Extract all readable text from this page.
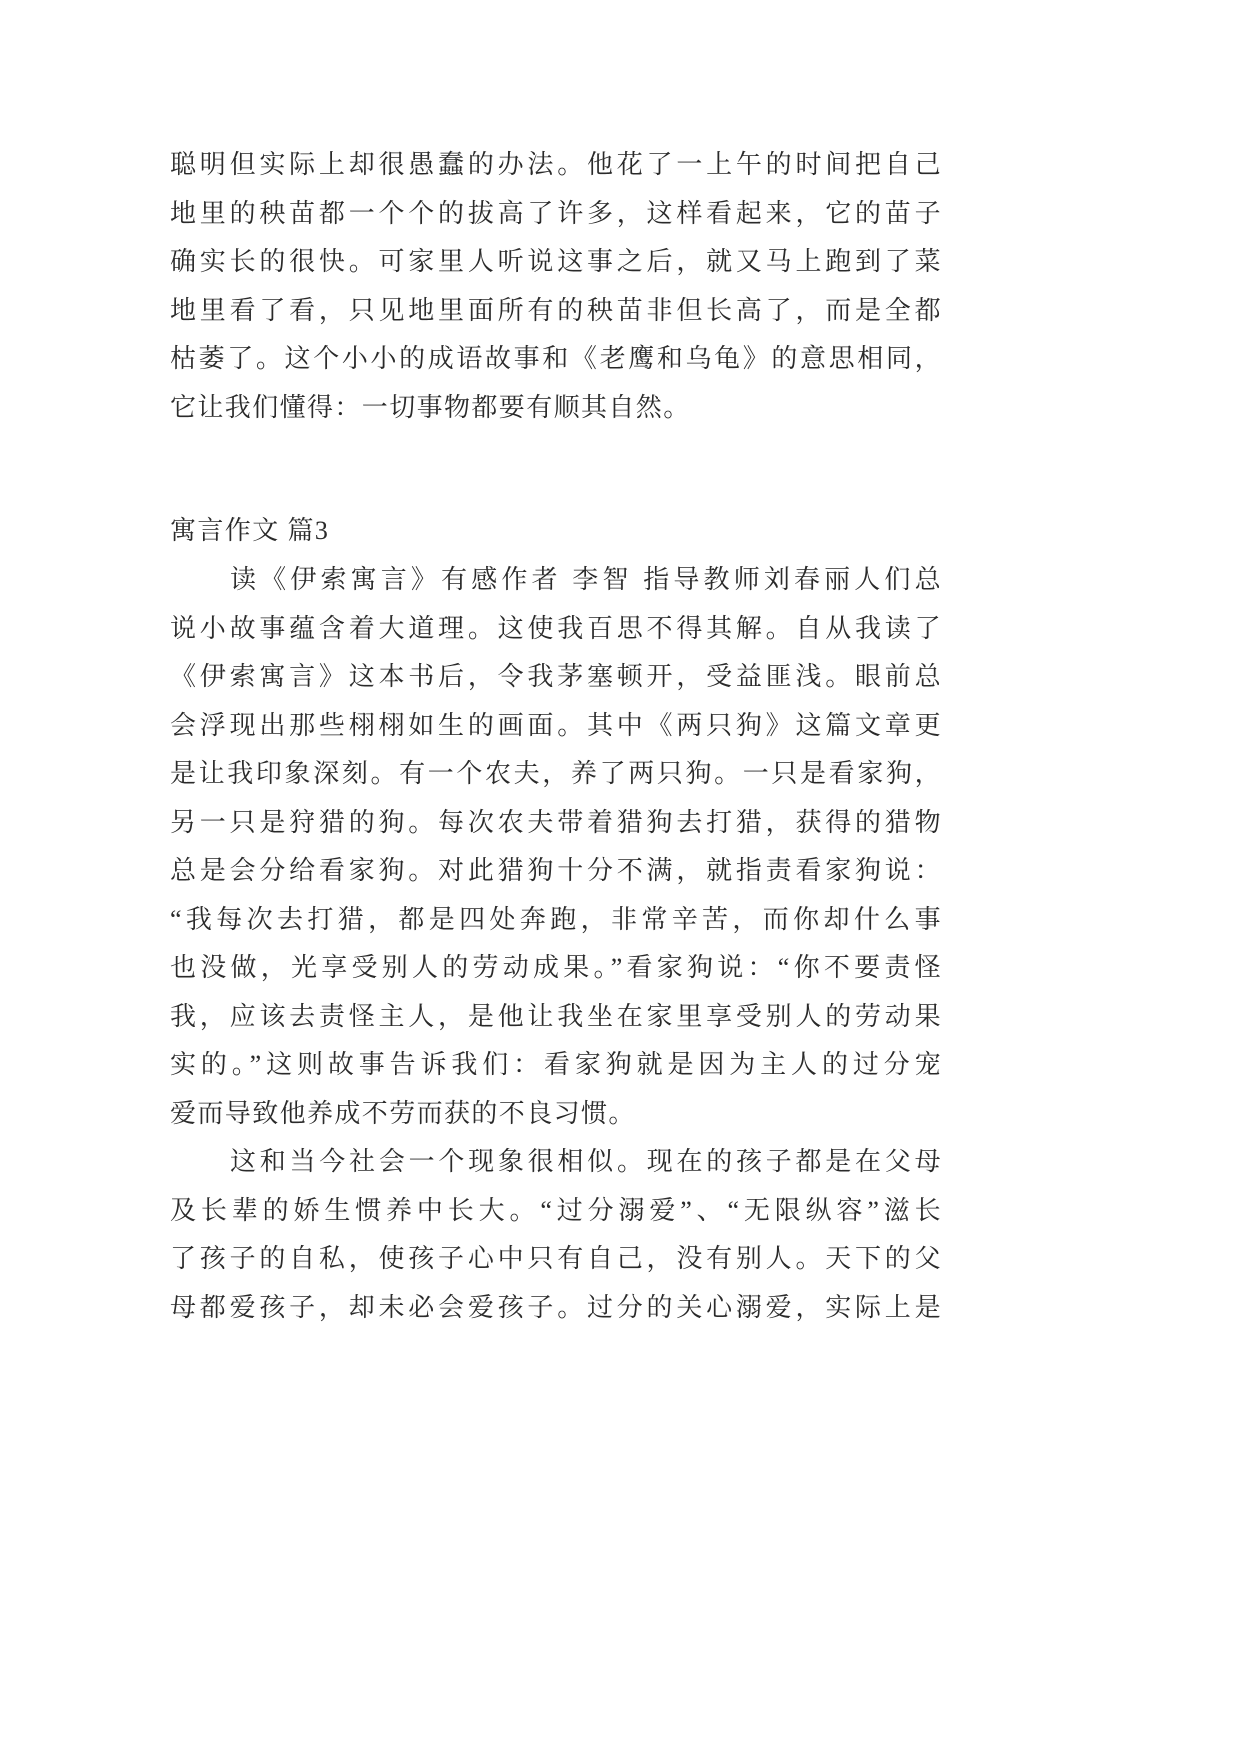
聪明但实际上却很愚蠢的办法。他花了一上午的时间把自己
地里的秧苗都一个个的拔高了许多，这样看起来，它的苗子
确实长的很快。可家里人听说这事之后，就又马上跑到了菜
地里看了看，只见地里面所有的秧苗非但长高了，而是全都
枯萎了。这个小小的成语故事和《老鹰和乌龟》的意思相同，
它让我们懂得：一切事物都要有顺其自然。
寓言作文 篇3
读《伊索寓言》有感作者 李智 指导教师刘春丽人们总
说小故事蕴含着大道理。这使我百思不得其解。自从我读了
《伊索寓言》这本书后，令我茅塞顿开，受益匪浅。眼前总
会浮现出那些栩栩如生的画面。其中《两只狗》这篇文章更
是让我印象深刻。有一个农夫，养了两只狗。一只是看家狗，
另一只是狩猎的狗。每次农夫带着猎狗去打猎，获得的猎物
总是会分给看家狗。对此猎狗十分不满，就指责看家狗说：
“我每次去打猎，都是四处奔跑，非常辛苦，而你却什么事
也没做，光享受别人的劳动成果。”看家狗说：“你不要责怪
我，应该去责怪主人，是他让我坐在家里享受别人的劳动果
实的。”这则故事告诉我们：看家狗就是因为主人的过分宠
爱而导致他养成不劳而获的不良习惯。
这和当今社会一个现象很相似。现在的孩子都是在父母
及长辈的娇生惯养中长大。“过分溺爱”、“无限纵容”滋长
了孩子的自私，使孩子心中只有自己，没有别人。天下的父
母都爱孩子，却未必会爱孩子。过分的关心溺爱，实际上是
